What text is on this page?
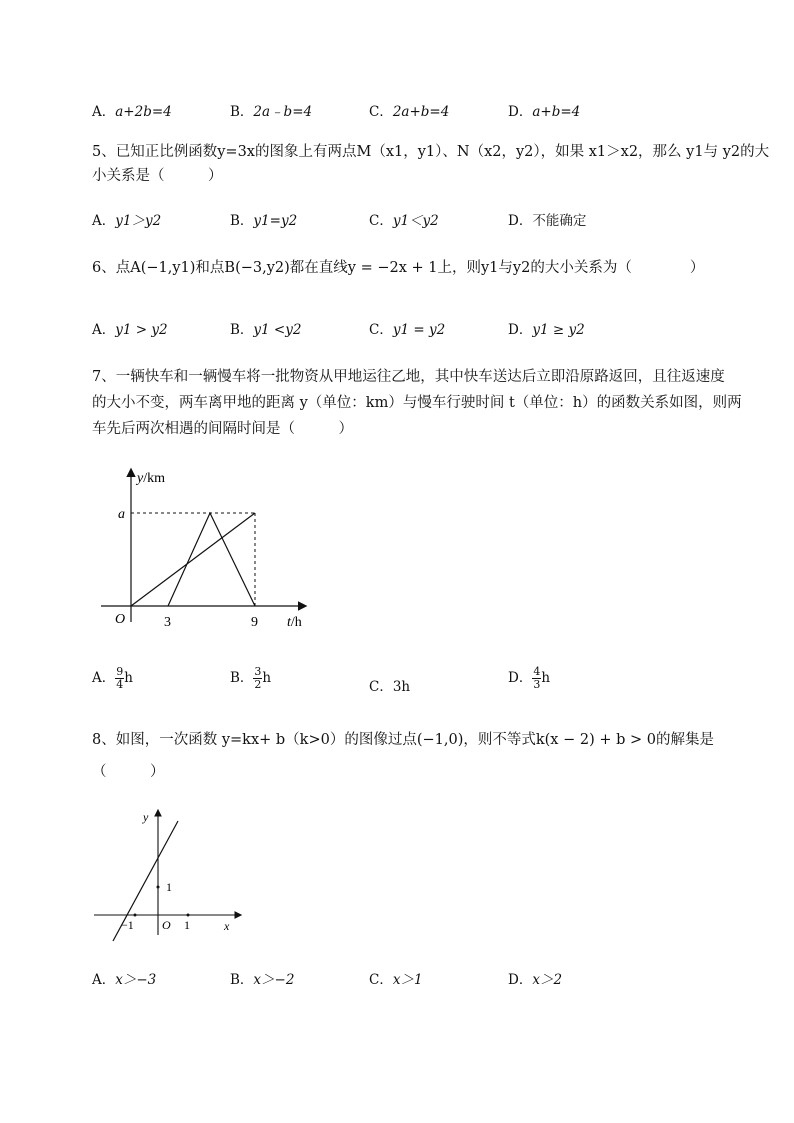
A．a+2b=4	B．2a﹣b=4	C．2a+b=4	D．a+b=4
5、已知正比例函数y=3x的图象上有两点M（x1，y1）、N（x2，y2），如果 x1＞x2，那么 y1与 y2的大
小关系是（　　　）
A．y1＞y2	B．y1=y2	C．y1＜y2	D．不能确定
6、点A(−1,y1)和点B(−3,y2)都在直线y = −2x + 1上，则y1与y2的大小关系为（　　　　）
A．y1 > y2	B．y1 <y2	C．y1 = y2	D．y1 ≥ y2
7、一辆快车和一辆慢车将一批物资从甲地运往乙地，其中快车送达后立即沿原路返回，且往返速度
的大小不变，两车离甲地的距离 y（单位：km）与慢车行驶时间 t（单位：h）的函数关系如图，则两
车先后两次相遇的间隔时间是（　　　）
y/km
a
O	3	9 t/h
A． $\frac{9}{4}$ h	B． $\frac{3}{2}$ h
C．3h
D． $\frac{4}{3}$ h
8、如图，一次函数 y=kx+ b（k>0）的图像过点(−1,0)，则不等式k(x − 2) + b > 0的解集是
（　　　）
y
x
O
−1	1
1
A．x＞−3	B．x＞−2	C．x＞1	D．x＞2
